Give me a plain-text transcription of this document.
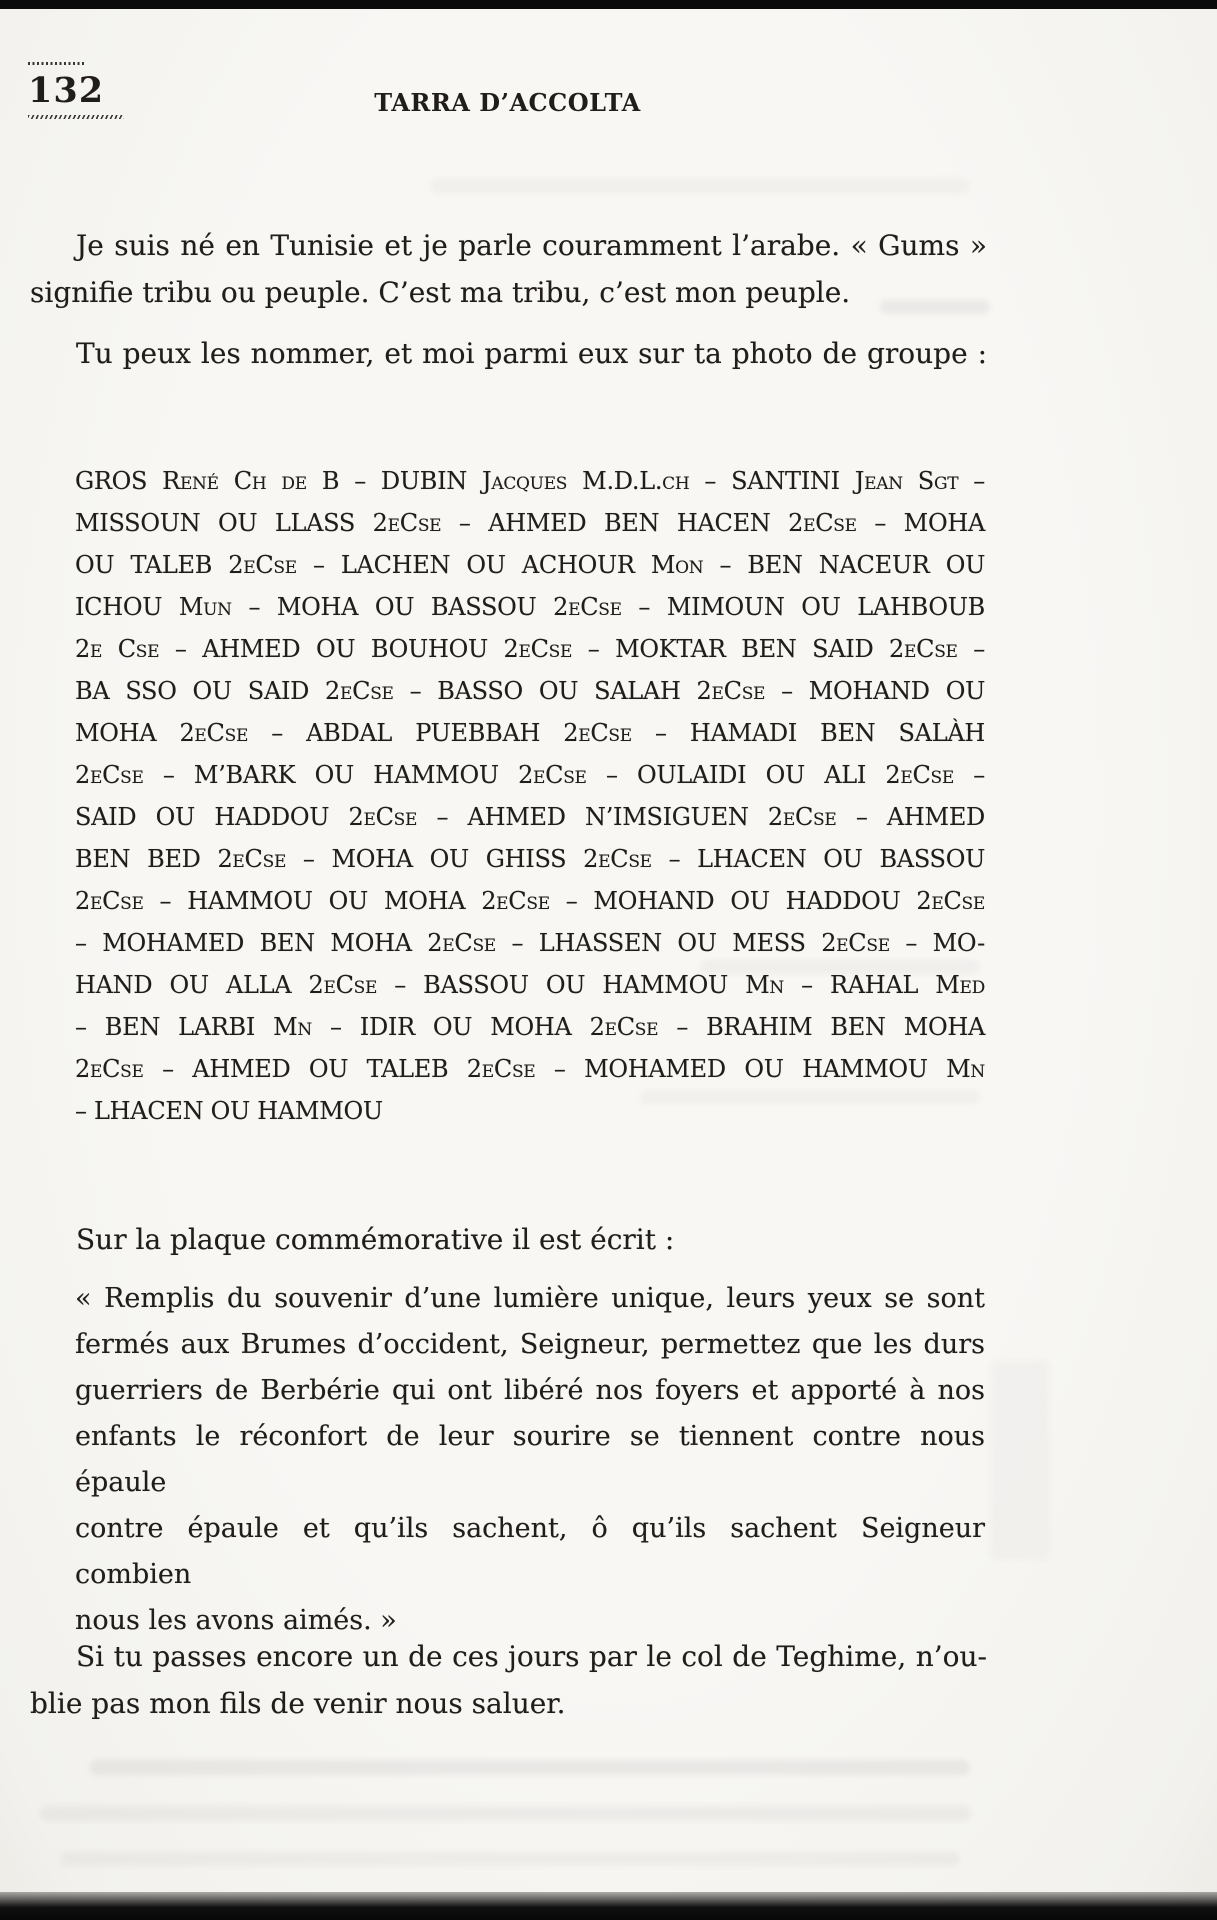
132	TARRA D’ACCOLTA
Je suis né en Tunisie et je parle couramment l’arabe. « Gums »
signifie tribu ou peuple. C’est ma tribu, c’est mon peuple.
Tu peux les nommer, et moi parmi eux sur ta photo de groupe :
GROS René Ch de B – DUBIN Jacques M.D.L.ch – SANTINI Jean Sgt –
MISSOUN OU LLASS 2eCse – AHMED BEN HACEN 2eCse – MOHA
OU TALEB 2eCse – LACHEN OU ACHOUR Mon – BEN NACEUR OU
ICHOU Mun – MOHA OU BASSOU 2eCse – MIMOUN OU LAHBOUB
2e Cse – AHMED OU BOUHOU 2eCse – MOKTAR BEN SAID 2eCse –
BA SSO OU SAID 2eCse – BASSO OU SALAH 2eCse – MOHAND OU
MOHA 2eCse – ABDAL PUEBBAH 2eCse – HAMADI BEN SALÀH
2eCse – M’BARK OU HAMMOU 2eCse – OULAIDI OU ALI 2eCse –
SAID OU HADDOU 2eCse – AHMED N’IMSIGUEN 2eCse – AHMED
BEN BED 2eCse – MOHA OU GHISS 2eCse – LHACEN OU BASSOU
2eCse – HAMMOU OU MOHA 2eCse – MOHAND OU HADDOU 2eCse
– MOHAMED BEN MOHA 2eCse – LHASSEN OU MESS 2eCse – MO-
HAND OU ALLA 2eCse – BASSOU OU HAMMOU Mn – RAHAL Med
– BEN LARBI Mn – IDIR OU MOHA 2eCse – BRAHIM BEN MOHA
2eCse – AHMED OU TALEB 2eCse – MOHAMED OU HAMMOU Mn
– LHACEN OU HAMMOU
Sur la plaque commémorative il est écrit :
« Remplis du souvenir d’une lumière unique, leurs yeux se sont
fermés aux Brumes d’occident, Seigneur, permettez que les durs
guerriers de Berbérie qui ont libéré nos foyers et apporté à nos
enfants le réconfort de leur sourire se tiennent contre nous épaule
contre épaule et qu’ils sachent, ô qu’ils sachent Seigneur combien
nous les avons aimés. »
Si tu passes encore un de ces jours par le col de Teghime, n’ou-
blie pas mon fils de venir nous saluer.
